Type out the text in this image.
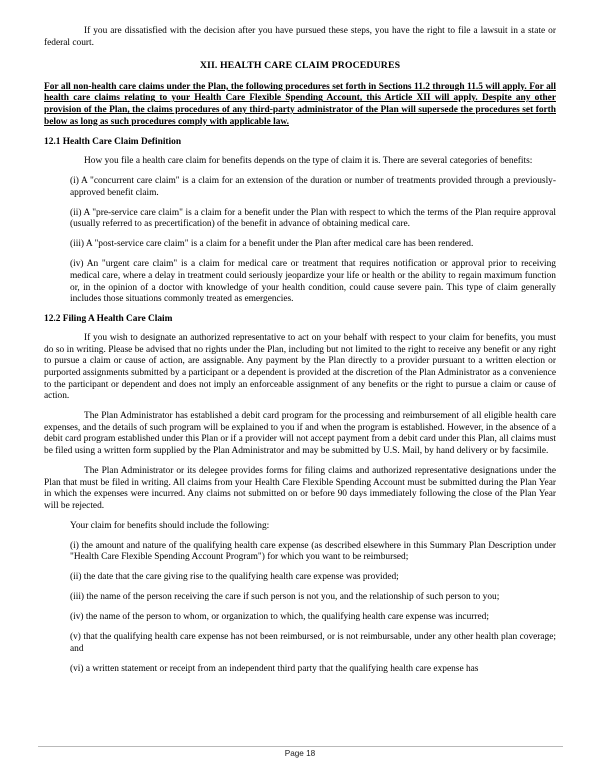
If you are dissatisfied with the decision after you have pursued these steps, you have the right to file a lawsuit in a state or federal court.

XII. HEALTH CARE CLAIM PROCEDURES

For all non-health care claims under the Plan, the following procedures set forth in Sections 11.2 through 11.5 will apply. For all health care claims relating to your Health Care Flexible Spending Account, this Article XII will apply. Despite any other provision of the Plan, the claims procedures of any third-party administrator of the Plan will supersede the procedures set forth below as long as such procedures comply with applicable law.

12.1 Health Care Claim Definition

How you file a health care claim for benefits depends on the type of claim it is. There are several categories of benefits:

(i) A "concurrent care claim" is a claim for an extension of the duration or number of treatments provided through a previously-approved benefit claim.

(ii) A "pre-service care claim" is a claim for a benefit under the Plan with respect to which the terms of the Plan require approval (usually referred to as precertification) of the benefit in advance of obtaining medical care.

(iii) A "post-service care claim" is a claim for a benefit under the Plan after medical care has been rendered.

(iv) An "urgent care claim" is a claim for medical care or treatment that requires notification or approval prior to receiving medical care, where a delay in treatment could seriously jeopardize your life or health or the ability to regain maximum function or, in the opinion of a doctor with knowledge of your health condition, could cause severe pain. This type of claim generally includes those situations commonly treated as emergencies.

12.2 Filing A Health Care Claim

If you wish to designate an authorized representative to act on your behalf with respect to your claim for benefits, you must do so in writing. Please be advised that no rights under the Plan, including but not limited to the right to receive any benefit or any right to pursue a claim or cause of action, are assignable. Any payment by the Plan directly to a provider pursuant to a written election or purported assignments submitted by a participant or a dependent is provided at the discretion of the Plan Administrator as a convenience to the participant or dependent and does not imply an enforceable assignment of any benefits or the right to pursue a claim or cause of action.

The Plan Administrator has established a debit card program for the processing and reimbursement of all eligible health care expenses, and the details of such program will be explained to you if and when the program is established. However, in the absence of a debit card program established under this Plan or if a provider will not accept payment from a debit card under this Plan, all claims must be filed using a written form supplied by the Plan Administrator and may be submitted by U.S. Mail, by hand delivery or by facsimile.

The Plan Administrator or its delegee provides forms for filing claims and authorized representative designations under the Plan that must be filed in writing. All claims from your Health Care Flexible Spending Account must be submitted during the Plan Year in which the expenses were incurred. Any claims not submitted on or before 90 days immediately following the close of the Plan Year will be rejected.

Your claim for benefits should include the following:

(i) the amount and nature of the qualifying health care expense (as described elsewhere in this Summary Plan Description under "Health Care Flexible Spending Account Program") for which you want to be reimbursed;

(ii) the date that the care giving rise to the qualifying health care expense was provided;

(iii) the name of the person receiving the care if such person is not you, and the relationship of such person to you;

(iv) the name of the person to whom, or organization to which, the qualifying health care expense was incurred;

(v) that the qualifying health care expense has not been reimbursed, or is not reimbursable, under any other health plan coverage; and

(vi) a written statement or receipt from an independent third party that the qualifying health care expense has

Page 18
